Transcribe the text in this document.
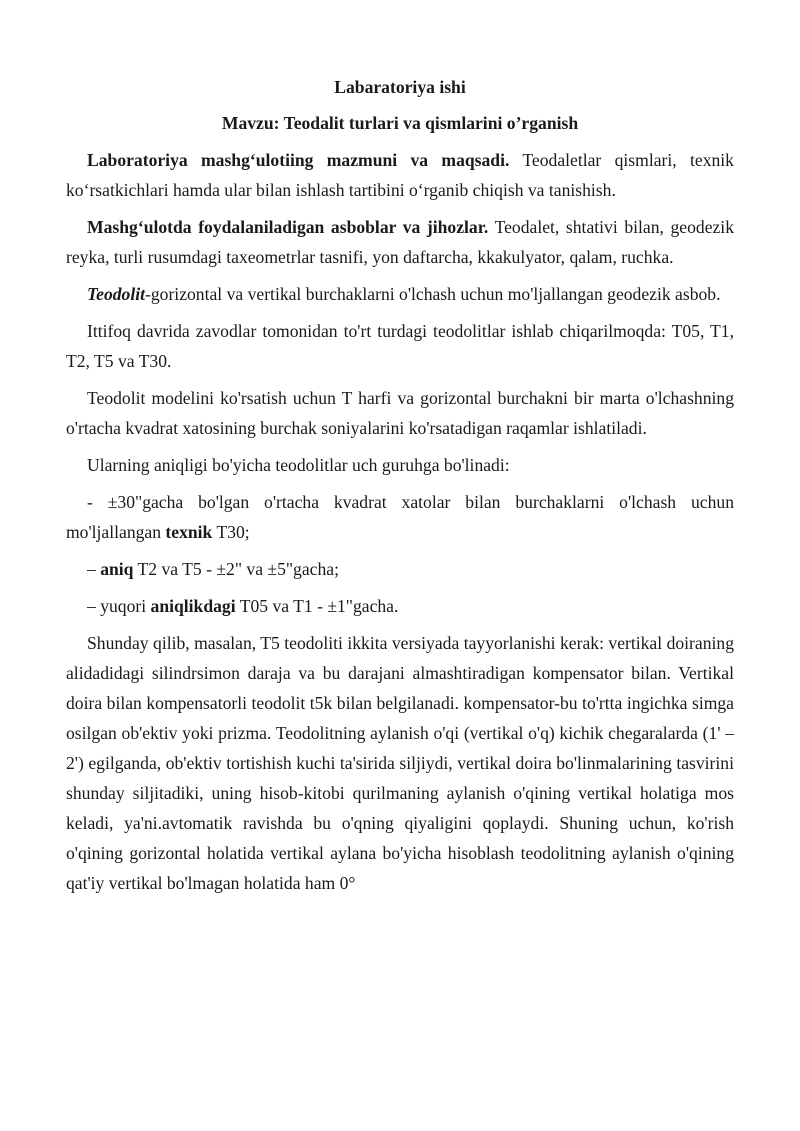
Labaratoriya ishi

Mavzu: Teodalit turlari va qismlarini o’rganish

Laboratoriya mashg‘ulotiing mazmuni va maqsadi. Teodaletlar qismlari, texnik ko‘rsatkichlari hamda ular bilan ishlash tartibini o‘rganib chiqish va tanishish.

Mashg‘ulotda foydalaniladigan asboblar va jihozlar. Teodalet, shtativi bilan, geodezik reyka, turli rusumdagi taxeometrlar tasnifi, yon daftarcha, kkakulyator, qalam, ruchka.

Teodolit-gorizontal va vertikal burchaklarni o'lchash uchun mo'ljallangan geodezik asbob.

Ittifoq davrida zavodlar tomonidan to'rt turdagi teodolitlar ishlab chiqarilmoqda: T05, T1, T2, T5 va T30.

Teodolit modelini ko'rsatish uchun T harfi va gorizontal burchakni bir marta o'lchashning o'rtacha kvadrat xatosining burchak soniyalarini ko'rsatadigan raqamlar ishlatiladi.

Ularning aniqligi bo'yicha teodolitlar uch guruhga bo'linadi:

- ±30"gacha bo'lgan o'rtacha kvadrat xatolar bilan burchaklarni o'lchash uchun mo'ljallangan texnik T30;

– aniq T2 va T5 - ±2" va ±5"gacha;

– yuqori aniqlikdagi T05 va T1 - ±1"gacha.

Shunday qilib, masalan, T5 teodoliti ikkita versiyada tayyorlanishi kerak: vertikal doiraning alidadidagi silindrsimon daraja va bu darajani almashtiradigan kompensator bilan. Vertikal doira bilan kompensatorli teodolit t5k bilan belgilanadi. kompensator-bu to'rtta ingichka simga osilgan ob'ektiv yoki prizma. Teodolitning aylanish o'qi (vertikal o'q) kichik chegaralarda (1' – 2') egilganda, ob'ektiv tortishish kuchi ta'sirida siljiydi, vertikal doira bo'linmalarining tasvirini shunday siljitadiki, uning hisob-kitobi qurilmaning aylanish o'qining vertikal holatiga mos keladi, ya'ni.avtomatik ravishda bu o'qning qiyaligini qoplaydi. Shuning uchun, ko'rish o'qining gorizontal holatida vertikal aylana bo'yicha hisoblash teodolitning aylanish o'qining qat'iy vertikal bo'lmagan holatida ham 0°
